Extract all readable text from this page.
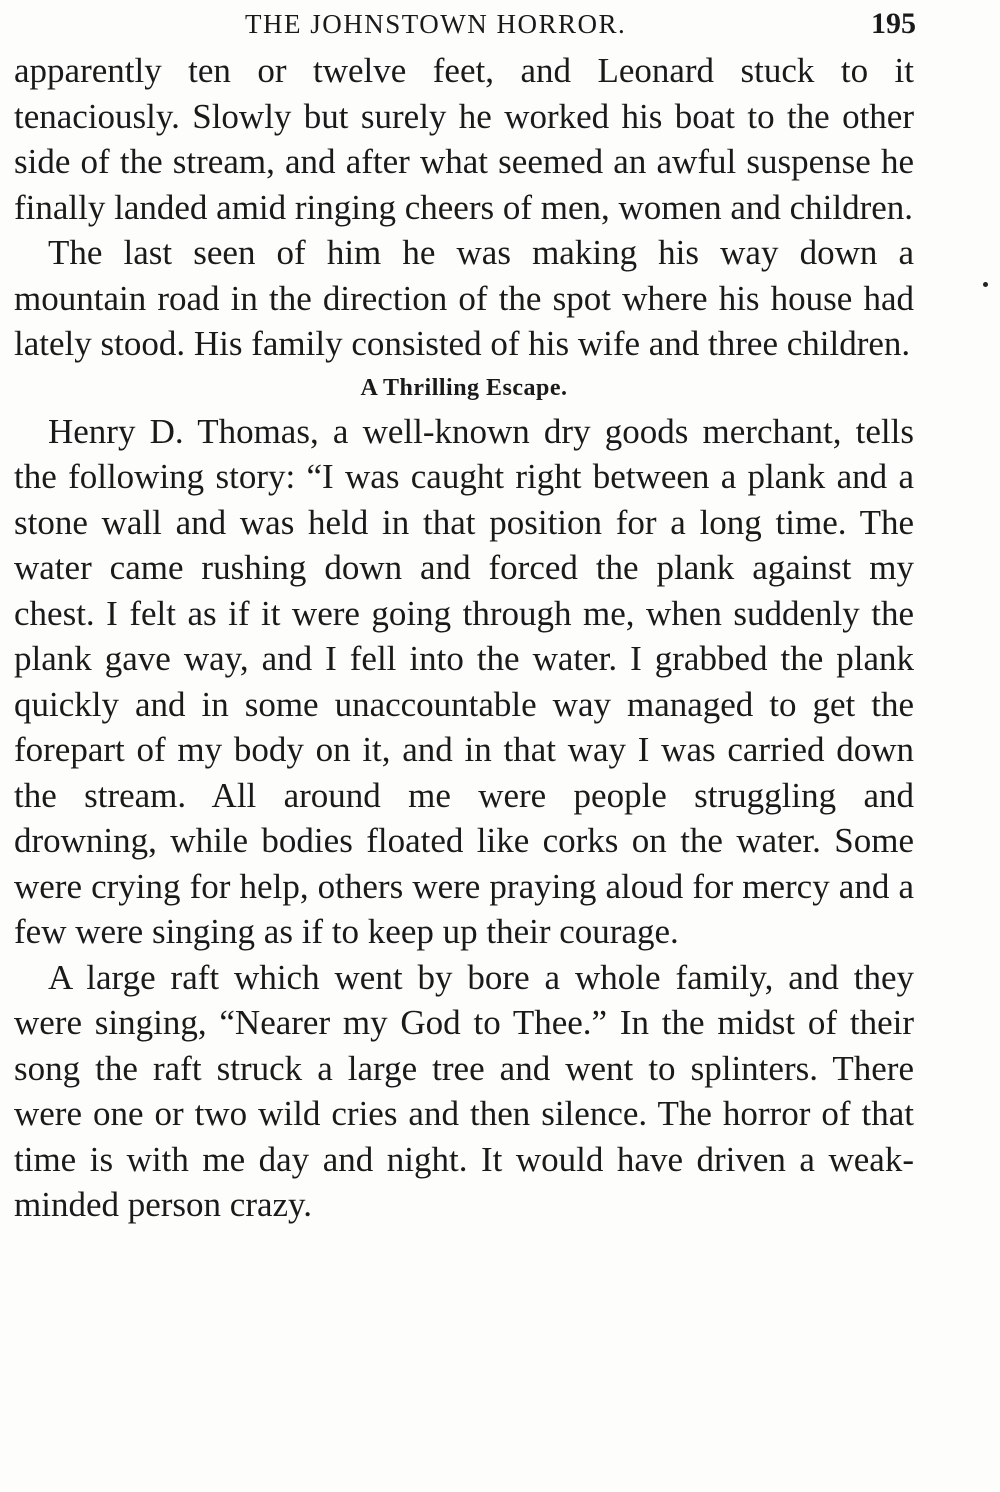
THE JOHNSTOWN HORROR.	195

apparently ten or twelve feet, and Leonard stuck to it tenaciously. Slowly but surely he worked his boat to the other side of the stream, and after what seemed an awful suspense he finally landed amid ringing cheers of men, women and children.

The last seen of him he was making his way down a mountain road in the direction of the spot where his house had lately stood. His family consisted of his wife and three children.

A Thrilling Escape.

Henry D. Thomas, a well-known dry goods merchant, tells the following story: “I was caught right between a plank and a stone wall and was held in that position for a long time. The water came rushing down and forced the plank against my chest. I felt as if it were going through me, when suddenly the plank gave way, and I fell into the water. I grabbed the plank quickly and in some unaccountable way managed to get the forepart of my body on it, and in that way I was carried down the stream. All around me were people struggling and drowning, while bodies floated like corks on the water. Some were crying for help, others were praying aloud for mercy and a few were singing as if to keep up their courage.

A large raft which went by bore a whole family, and they were singing, “Nearer my God to Thee.” In the midst of their song the raft struck a large tree and went to splinters. There were one or two wild cries and then silence. The horror of that time is with me day and night. It would have driven a weak-minded person crazy.
